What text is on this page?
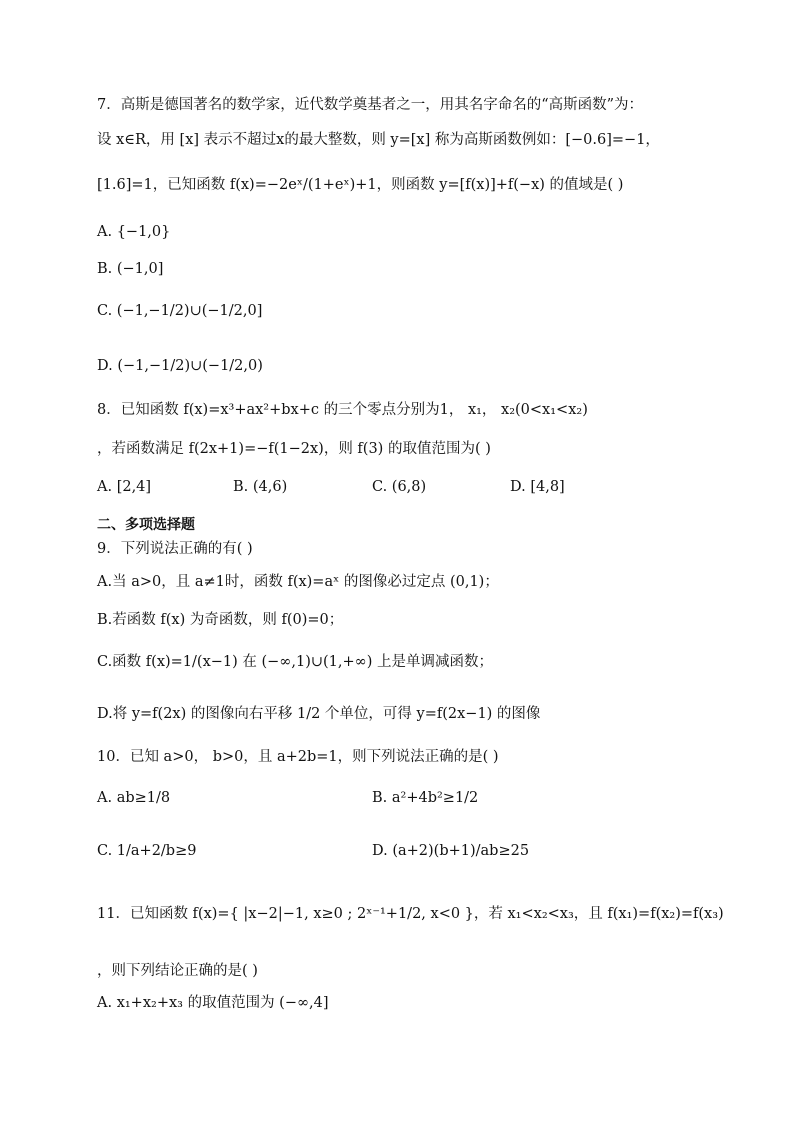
7．高斯是德国著名的数学家，近代数学奠基者之一，用其名字命名的“高斯函数”为：
设 x∈R，用 [x] 表示不超过x的最大整数，则 y=[x] 称为高斯函数例如：[−0.6]=−1，
[1.6]=1，已知函数 f(x)=−2eˣ/(1+eˣ)+1，则函数 y=[f(x)]+f(−x) 的值域是( )
A. {−1,0}
B. (−1,0]
C. (−1,−1/2)∪(−1/2,0]
D. (−1,−1/2)∪(−1/2,0)
8．已知函数 f(x)=x³+ax²+bx+c 的三个零点分别为1， x₁， x₂(0<x₁<x₂)
，若函数满足 f(2x+1)=−f(1−2x)，则 f(3) 的取值范围为( )
A. [2,4]	B. (4,6)	C. (6,8)	D. [4,8]
二、多项选择题
9．下列说法正确的有( )
A.当 a>0，且 a≠1时，函数 f(x)=aˣ 的图像必过定点 (0,1)；
B.若函数 f(x) 为奇函数，则 f(0)=0；
C.函数 f(x)=1/(x−1) 在 (−∞,1)∪(1,+∞) 上是单调减函数；
D.将 y=f(2x) 的图像向右平移 1/2 个单位，可得 y=f(2x−1) 的图像
10．已知 a>0， b>0，且 a+2b=1，则下列说法正确的是( )
A. ab≥1/8	B. a²+4b²≥1/2
C. 1/a+2/b≥9	D. (a+2)(b+1)/ab≥25
11．已知函数 f(x)={ |x−2|−1, x≥0 ; 2ˣ⁻¹+1/2, x<0 }，若 x₁<x₂<x₃，且 f(x₁)=f(x₂)=f(x₃)
，则下列结论正确的是( )
A. x₁+x₂+x₃ 的取值范围为 (−∞,4]
